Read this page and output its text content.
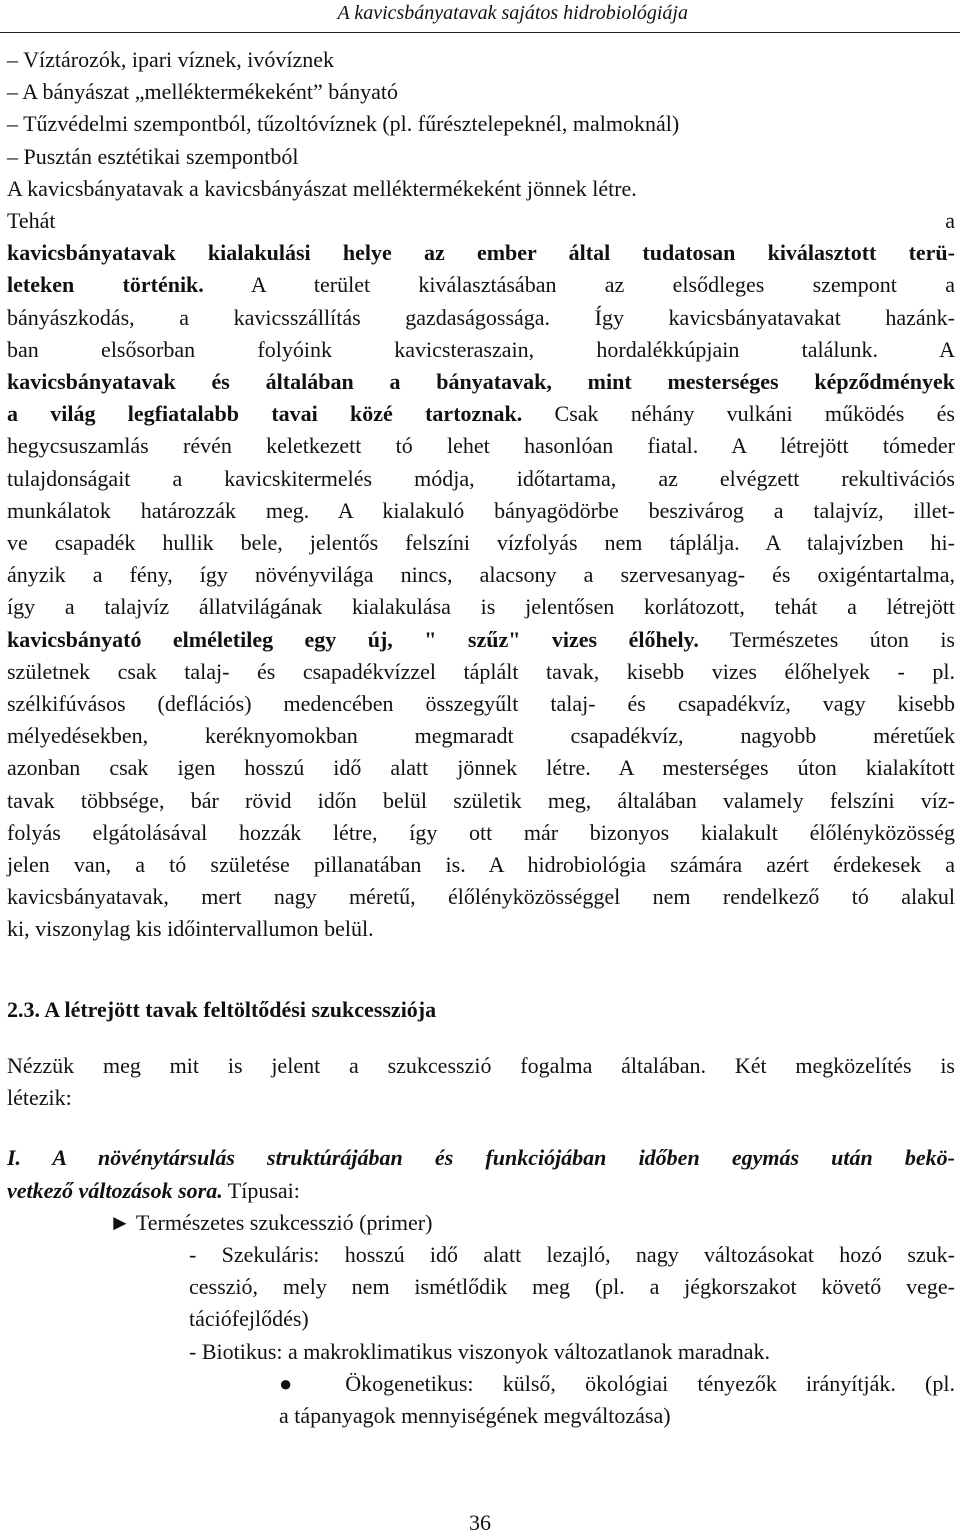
A kavicsbányatavak sajátos hidrobiológiája
– Víztározók, ipari víznek, ivóvíznek
– A bányászat „melléktermékeként” bányató
– Tűzvédelmi szempontból, tűzoltóvíznek (pl. fűrésztelepeknél, malmoknál)
– Pusztán esztétikai szempontból
A kavicsbányatavak a kavicsbányászat melléktermékeként jönnek létre.
Tehát a
kavicsbányatavak kialakulási helye az ember által tudatosan kiválasztott terü-
leteken történik. A terület kiválasztásában az elsődleges szempont a
bányászkodás, a kavicsszállítás gazdaságossága. Így kavicsbányatavakat hazánk-
ban elsősorban folyóink kavicsteraszain, hordalékkúpjain találunk.	A
kavicsbányatavak és általában a bányatavak, mint mesterséges képződmények
a világ legfiatalabb tavai közé tartoznak. Csak néhány vulkáni működés és
hegycsuszamlás révén keletkezett tó lehet hasonlóan fiatal. A létrejött tómeder
tulajdonságait a kavicskitermelés módja, időtartama, az elvégzett rekultivációs
munkálatok határozzák meg. A kialakuló bányagödörbe beszivárog a talajvíz, illet-
ve csapadék hullik bele, jelentős felszíni vízfolyás nem táplálja. A talajvízben hi-
ányzik a fény, így növényvilága nincs, alacsony a szervesanyag- és oxigéntartalma,
így a talajvíz állatvilágának kialakulása is jelentősen korlátozott, tehát a létrejött
kavicsbányató elméletileg egy új, " szűz" vizes élőhely. Természetes úton is
születnek csak talaj- és csapadékvízzel táplált tavak, kisebb vizes élőhelyek - pl.
szélkifúvásos (deflációs) medencében összegyűlt talaj- és csapadékvíz, vagy kisebb
mélyedésekben, keréknyomokban megmaradt csapadékvíz, nagyobb méretűek
azonban csak igen hosszú idő alatt jönnek létre. A mesterséges úton kialakított
tavak többsége, bár rövid időn belül születik meg, általában valamely felszíni víz-
folyás elgátolásával hozzák létre, így ott már bizonyos kialakult élőlényközösség
jelen van, a tó születése pillanatában is. A hidrobiológia számára azért érdekesek a
kavicsbányatavak, mert nagy méretű, élőlényközösséggel nem rendelkező tó alakul
ki, viszonylag kis időintervallumon belül.
2.3. A létrejött tavak feltöltődési szukcessziója
Nézzük meg mit is jelent a szukcesszió fogalma általában. Két megközelítés is
létezik:
I. A növénytársulás struktúrájában és funkciójában időben egymás után bekö-
vetkező változások sora. Típusai:
► Természetes szukcesszió (primer)
- Szekuláris: hosszú idő alatt lezajló, nagy változásokat hozó szuk-
cesszió, mely nem ismétlődik meg (pl. a jégkorszakot követő vege-
tációfejlődés)
- Biotikus: a makroklimatikus viszonyok változatlanok maradnak.
● Ökogenetikus: külső, ökológiai tényezők irányítják. (pl.
a tápanyagok mennyiségének megváltozása)
36
